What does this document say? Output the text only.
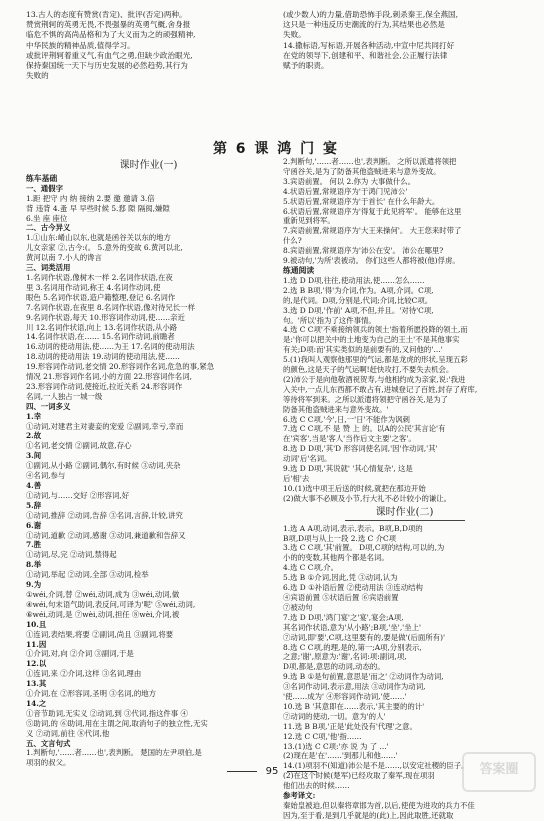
13.古人的态度有赞赏(肯定)、批评(否定)两种。
赞赏荆轲的英勇无畏,不畏强暴的英勇气概,舍身报
临危不惧的高尚品格和为了大义而为之的顽强精神,
中华民族的精神品质,值得学习。
或批评荆轲着重义气,有血气之勇,但缺少政治眼光,
保持秦国统一天下与历史发展的必然趋势,其行为
失败的
(或少数人)的力量,借助恐怖手段,刺杀秦王,保全燕国,
这只是一种违反历史潮流的行为,其结果也必然是
失败。
14.撒标语,写标语,开展各种活动,中宣中尼共同打好
在党的领导下,创建和平、和谐社会,公正履行法律
赋予的职责。
第 6 课 鸿 门 宴
课时作业(一)
练车基础
一、通假字
1.距 把守 内 纳 接纳 2.要 邀 邀请 3.倍
背 违背 4.蚤 早 早些时候 5.郄 隙 隔阂,嫌隙
6.坐 座 座位
二、古今异义
1.①山东:崤山以东,也就是函谷关以东的地方
儿女亲家 ②,古今:(。 5.意外的变故 6.黄河以北,
黄河以南 7.小人的谗言
三、词类活用
1.名词作状语,像树木一样 2.名词作状语,在夜
里 3.名词用作动词,称王 4.名词作动词,使
眼色 5.名词作状语,造户籍整理,登记 6.名词作
7.名词作状语,在夜里 8.名词作状语,像对待兄长一样
9.名词作状语,每天 10.形容词作动词,使……亲近
川 12.名词作状语,向上 13.名词作状语,从小路
14.名词作状语,在…… 15.名词作动词,前瞻者
16.动词的使动用法,使……为王 17.名词的使动用法
18.动词的使动用法 19.动词的使动用法,使……
19.形容词作动词,老交情 20.形容词作名词,危急的事,紧急
情况 21.形容词作名词,小的方面 22.形容词作名词,
23.形容词作动词,使接近,拉近关系 24.形容词作
名词,一人独占一城一级
四、一词多义
1.幸
①动词,对建君主对妻妾的宠爱 ②副词,幸亏,幸而
2.故
①名词,老交情 ②副词,故意,存心
3.间
①副词,从小路 ②副词,偶尔,有时候 ③动词,夹杂
④名词,参与
4.善
①动词,与……交好 ②形容词,好
5.辞
①动词,推辞 ②动词,告辞 ③名词,言辞,计较,讲究
6.谢
①动词,道歉 ②动词,感谢 ③动词,兼道歉和告辞又
7.胜
①动词,尽,完 ②动词,禁得起
8.举
①动词,举起 ②动词,全部 ③动词,检举
9.为
①wéi,介词,替 ②wéi,动词,成为 ③wéi,动词,做
④wéi,句末语气助词,表反问,可译为'呢' ⑤wéi,动词,
⑥wéi,动词,是 ⑦wèi,动词,担任 ⑧wèi,介词,被
10.且
①连词,表结果,将要 ②副词,尚且 ③副词,将要
11.因
①介词,对,向 ②介词 ③副词,于是
12.以
①连词,来 ②介词,这样 ③名词,理由
13.其
①介词,在 ②形容词,圣明 ③名词,的地方
14.之
①音节助词,无实义 ②动词,到 ③代词,指这件事 ④
⑤助词,的 ⑥助词,用在主谓之间,取消句子的独立性,无实
义 ⑦动词,前往 ⑧代词,他
五、文言句式
1.判断句,'……者……也',表判断。 楚国的左尹项伯,是
项羽的叔父。
2.判断句,'……者……也',表判断。 之所以派遣将领把
守函谷关,是为了防备其他盗贼进来与意外变故。
3.宾语前置。 何以 2.你为 大事做什么。
4.状语后置,常规语序为'于鸿门见沛公'
5.状语后置,常规语序为'于首长' 在什么年龄大。
6.状语后置,常规语序为'得复于此见将军'。 能够在这里
重新见到将军。
7.宾语前置,常规语序为'大王来操何'。 大王您来时带了
什么?
8.宾语前置,常规语序为'沛公在安'。 沛公在哪里?
9.被动句,'为所'表被动。 你们这些人都将被(他)俘虏。
练通阅读
1.选 D D项,往往,使动用法,使……怎么……
2.选 B B项,'得'为介词,作为。A项,介词。C项,
的,是代词。D项,分别是,代词;介词,比较C项。
3.选 D D项,'作前' A项,不但,并且。'对待'C项,
句。'所以'指为了这件事情。
4.选 C C项'不乘接纳领兵的领土'指着所愿投降的领土,而
是:'你可以把关中的土地变为自己的王土'不是其他事实
有关;D项:而'其实类似的是前要有的,又问他的'…'
5.(1)我叫人观察他那里的气运,都是龙虎的形状,呈现五彩
的颜色,这是天子的气运啊!赶快攻打,不要失去机会。
(2)沛公于是向他敬酒祝贺寿,与他相约成为亲家,说:'我进
入关中,一点儿东西都不敢占有,进城登记了百姓,封存了府库,
等待将军到来。之所以派遣将领把守函谷关,是为了
防备其他盗贼进来与意外变故。'
6.选 C C项,'今',日,一'日'不能作为讽刺
7.选 C C项,不 是 赞 上 的。以A的公民'其言论'有
在'宾客',当是'客人'当作后文主要'之客'。
8.选 D D项,'其'D 形容词使名词,'因'作动词,'其'
动词'后'名词。
9.选 D D项,'其说就' '其心情复杂', 这是
后'相'去
10.(1)选中项王后送的时候,就把在那边开始
(2)做大事不必顾及小节,行大礼不必计较小的谦让。
课时作业(二)
1.选 A A项,动词,表示,表示。B项,B,D项的
B项,D项与从上一段 2.选 C 介C项
3.选 C C项,'其'前置。 D项,C项的结构,可以的,为
小的的变数,其他两个都是名词。
4.选 C C项,介。
5.选 B ①介词,因此,凭 ③动词,认为
6.选 D ①补语后置 ②使动用法 ③连动结构
④宾语前置 ⑤状语后置 ⑥宾语前置
⑦被动句
7.选 D D项,'鸿门宴'之'宴',宴会;A项,
其名词作状语,意为'从小路';B项,'坐','坐上'
⑦动词,即'要',C项,这里要有的,要是做'(后面所有)'
8.选 C C项,的理,是的,第一;A项,分别表示,
之意;'谢',原意为:'谢',名词:项:副词,项,
D项,都是,意思的动词,动态的。
9.选 B ①是句前置,意思是'而之' ②动词作为动词,
③名词作动词,表示意,用法 ③动词作为动词,
'使……成为' ④形容词作动词,'使……'
10.选 B '其意即在……表示,'其主要的的计'
⑦动词的使动,一切。意为'的人'
11.选 B B项,'正是'此处没有'代理'之意。
12.选 C C项,'他'指……
13.(1)选 C C项:'亦 说 为 了 ...'
(2)现在是'在'……'到那儿和他……'
14.(1)项羽不(知道)沛公是不是……,以安定社稷的臣子。
(2)在这个时候(楚军)已经攻取了秦军,现在项羽
他们出去的时候……
参考译文:
秦始皇被迫,但以秦将章邯为首,以后,使使为进攻的兵力不佳
因为,至于看,是到几乎就是的(此)上,因此取胜,还就取
95	答案圈
